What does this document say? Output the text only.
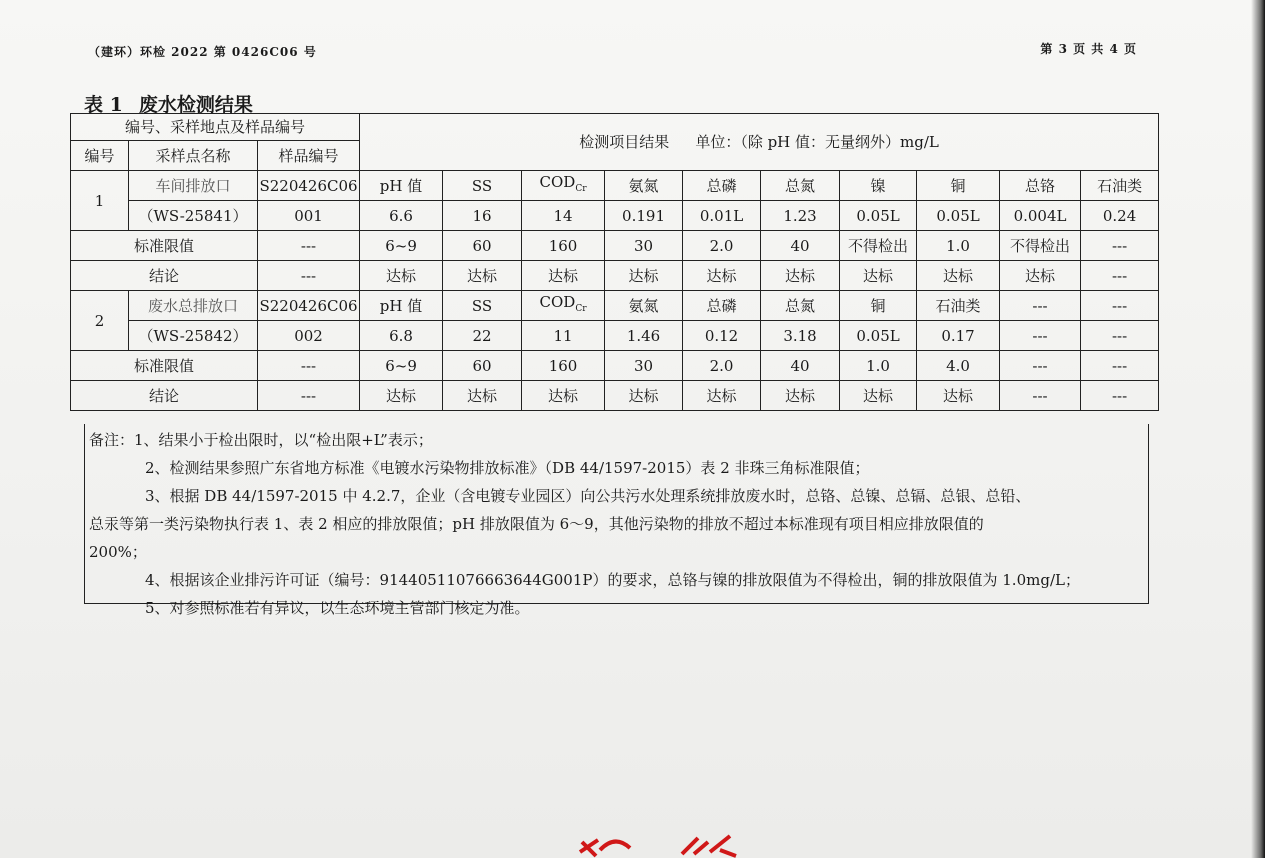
（建环）环检 2022 第 0426C06 号	第 3 页 共 4 页
表 1 废水检测结果
编号、采样地点及样品编号			检测项目结果 单位：（除 pH 值：无量纲外）mg/L									
编号	采样点名称	样品编号										
1	车间排放口	S220426C06	pH 值	SS	$COD_{Cr}$	氨氮	总磷	总氮	镍	铜	总铬	石油类
	（WS-25841）	001	6.6	16	14	0.191	0.01L	1.23	0.05L	0.05L	0.004L	0.24
标准限值		---	6~9	60	160	30	2.0	40	不得检出	1.0	不得检出	---
结论		---	达标	达标	达标	达标	达标	达标	达标	达标	达标	---
2	废水总排放口	S220426C06	pH 值	SS	$COD_{Cr}$	氨氮	总磷	总氮	铜	石油类	---	---
	（WS-25842）	002	6.8	22	11	1.46	0.12	3.18	0.05L	0.17	---	---
标准限值		---	6~9	60	160	30	2.0	40	1.0	4.0	---	---
结论		---	达标	达标	达标	达标	达标	达标	达标	达标	---	---

备注：1、结果小于检出限时，以“检出限+L”表示；

2、检测结果参照广东省地方标准《电镀水污染物排放标准》（DB 44/1597-2015）表 2 非珠三角标准限值；

3、根据 DB 44/1597-2015 中 4.2.7，企业（含电镀专业园区）向公共污水处理系统排放废水时，总铬、总镍、总镉、总银、总铅、

总汞等第一类污染物执行表 1、表 2 相应的排放限值；pH 排放限值为 6～9，其他污染物的排放不超过本标准现有项目相应排放限值的

200%；

4、根据该企业排污许可证（编号：91440511076663644G001P）的要求，总铬与镍的排放限值为不得检出，铜的排放限值为 1.0mg/L；

5、对参照标准若有异议，以生态环境主管部门核定为准。
